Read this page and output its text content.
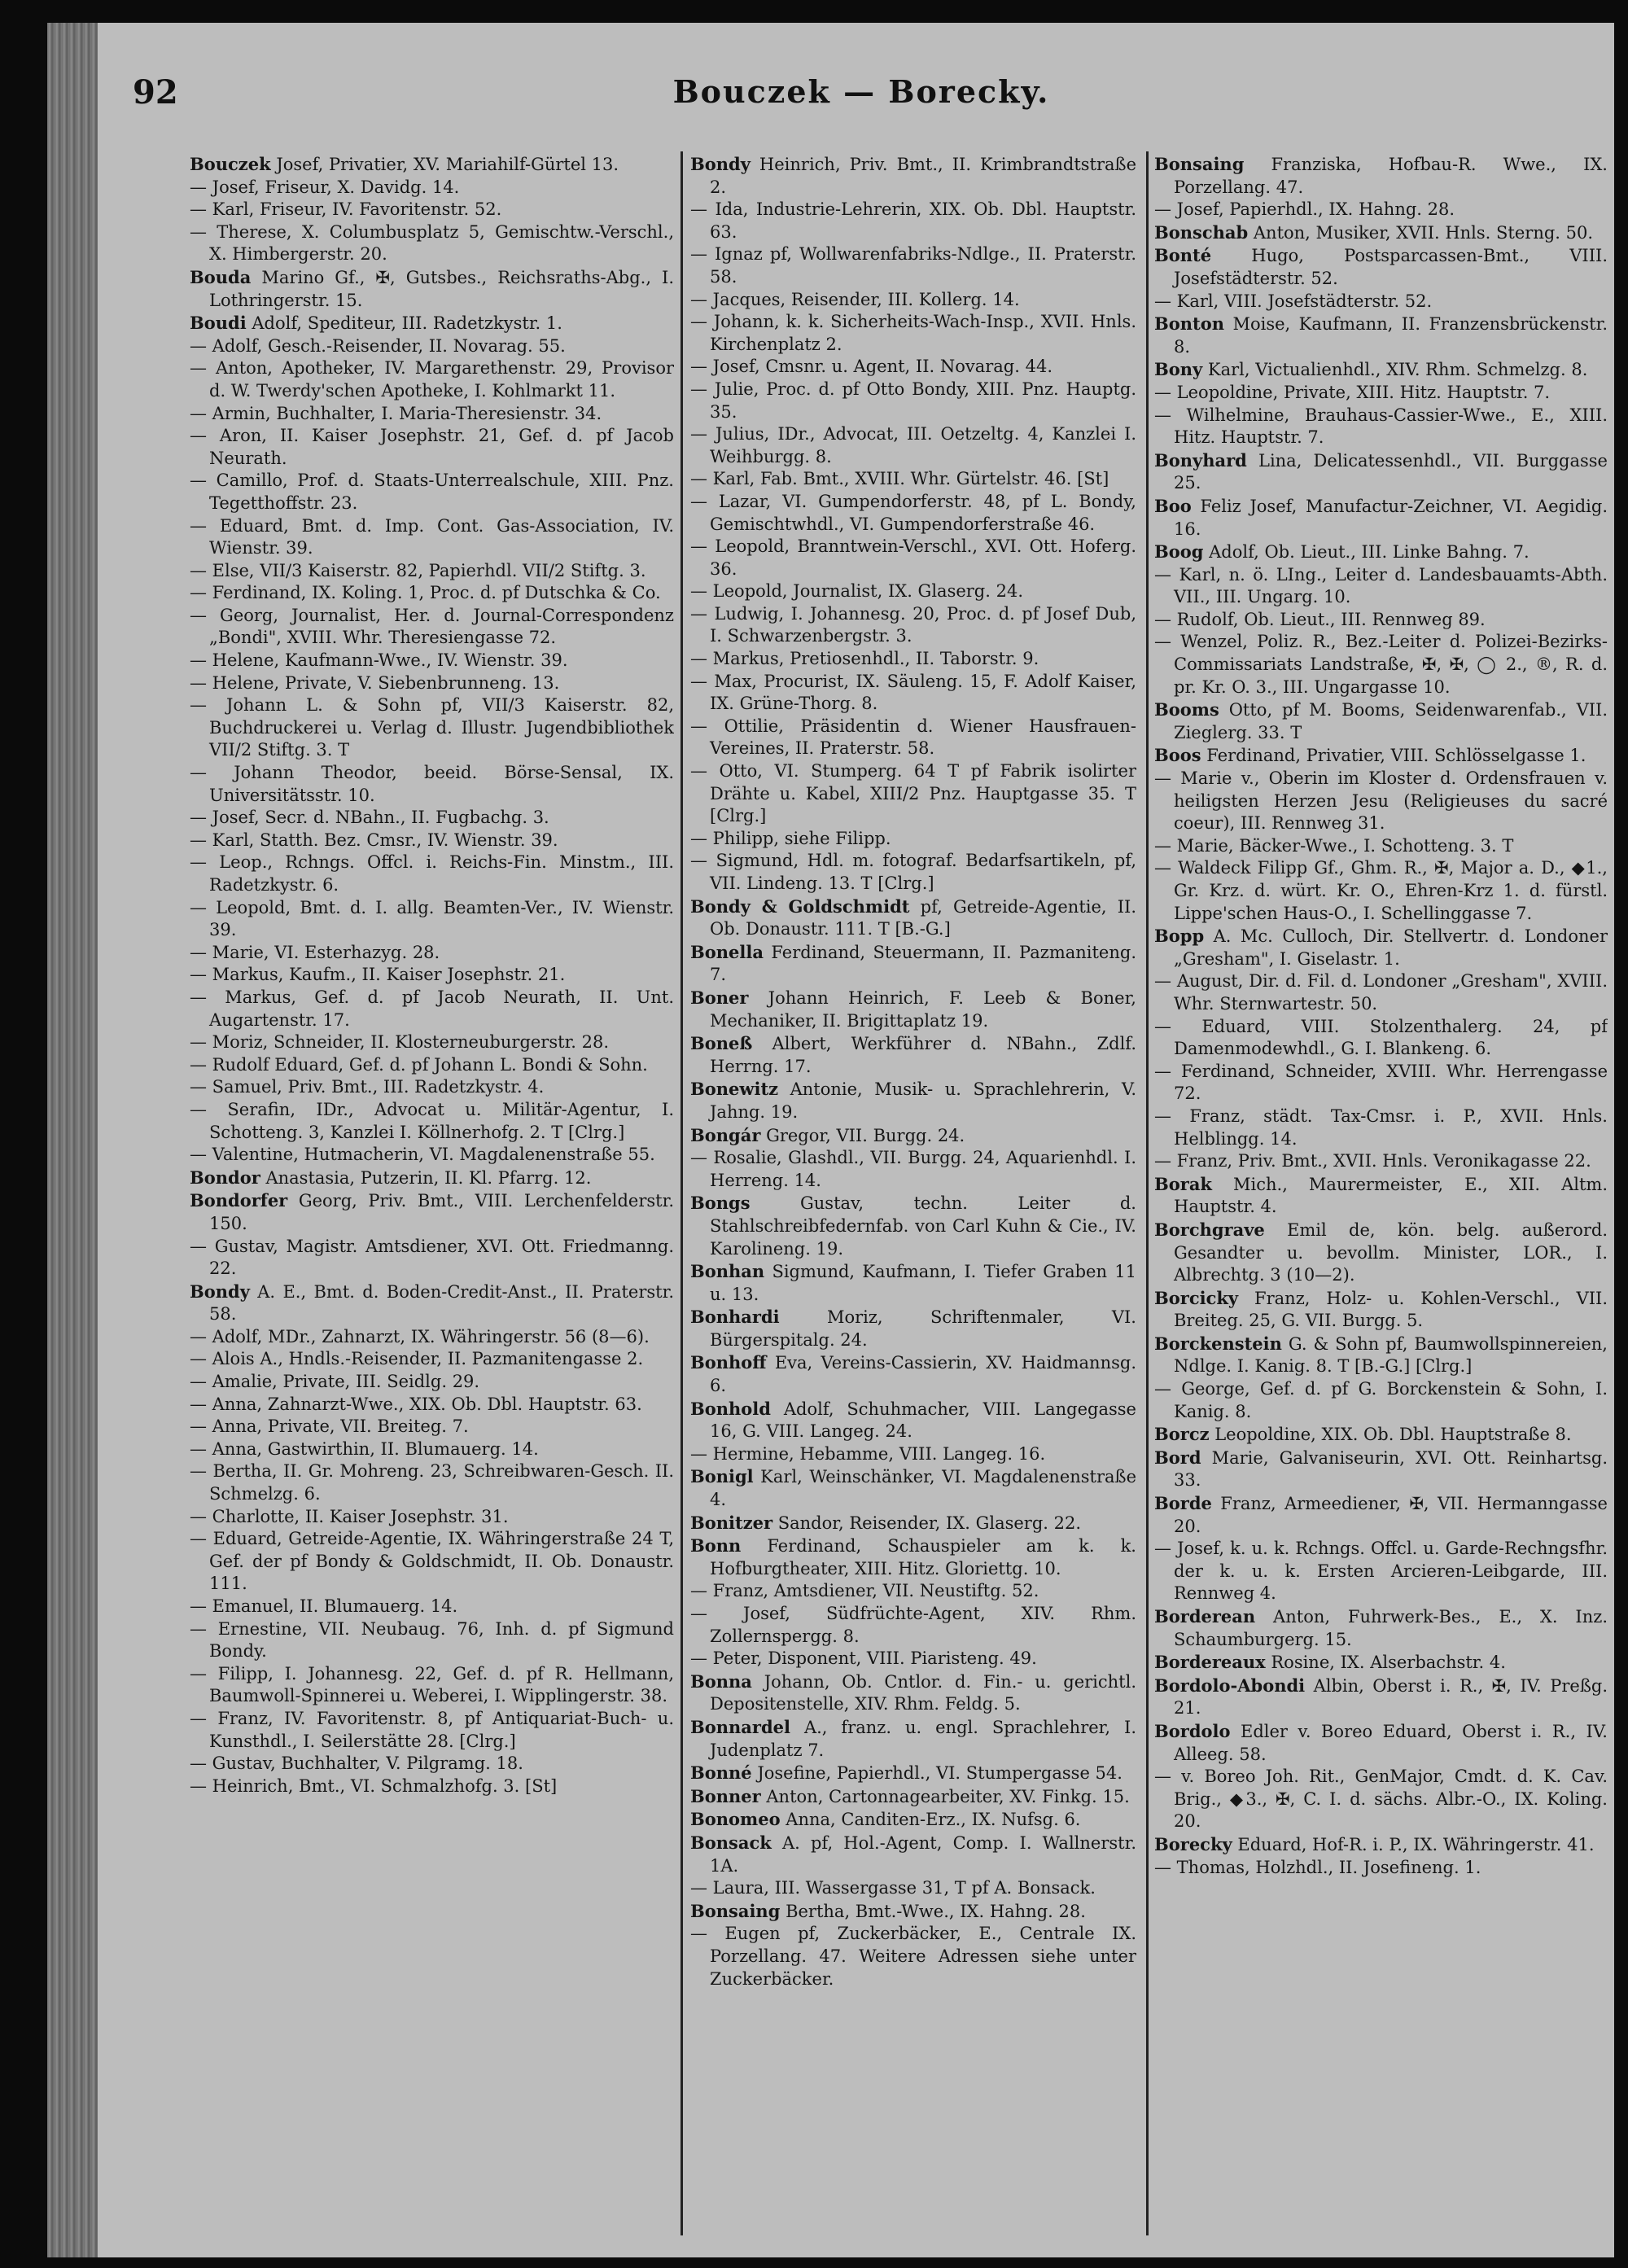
92	Bouczek — Borecky.

Bouczek Josef, Privatier, XV. Mariahilf-Gürtel 13.

— Josef, Friseur, X. Davidg. 14.

— Karl, Friseur, IV. Favoritenstr. 52.

— Therese, X. Columbusplatz 5, Gemischtw.-Verschl., X. Himbergerstr. 20.

Bouda Marino Gf., ✠, Gutsbes., Reichsraths-Abg., I. Lothringerstr. 15.

Boudi Adolf, Spediteur, III. Radetzkystr. 1.

— Adolf, Gesch.-Reisender, II. Novarag. 55.

— Anton, Apotheker, IV. Margarethenstr. 29, Provisor d. W. Twerdy'schen Apotheke, I. Kohlmarkt 11.

— Armin, Buchhalter, I. Maria-Theresienstr. 34.

— Aron, II. Kaiser Josephstr. 21, Gef. d. pf Jacob Neurath.

— Camillo, Prof. d. Staats-Unterrealschule, XIII. Pnz. Tegetthoffstr. 23.

— Eduard, Bmt. d. Imp. Cont. Gas-Association, IV. Wienstr. 39.

— Else, VII/3 Kaiserstr. 82, Papierhdl. VII/2 Stiftg. 3.

— Ferdinand, IX. Koling. 1, Proc. d. pf Dutschka & Co.

— Georg, Journalist, Her. d. Journal-Correspondenz „Bondi", XVIII. Whr. Theresiengasse 72.

— Helene, Kaufmann-Wwe., IV. Wienstr. 39.

— Helene, Private, V. Siebenbrunneng. 13.

— Johann L. & Sohn pf, VII/3 Kaiserstr. 82, Buchdruckerei u. Verlag d. Illustr. Jugendbibliothek VII/2 Stiftg. 3. T

— Johann Theodor, beeid. Börse-Sensal, IX. Universitätsstr. 10.

— Josef, Secr. d. NBahn., II. Fugbachg. 3.

— Karl, Statth. Bez. Cmsr., IV. Wienstr. 39.

— Leop., Rchngs. Offcl. i. Reichs-Fin. Minstm., III. Radetzkystr. 6.

— Leopold, Bmt. d. I. allg. Beamten-Ver., IV. Wienstr. 39.

— Marie, VI. Esterhazyg. 28.

— Markus, Kaufm., II. Kaiser Josephstr. 21.

— Markus, Gef. d. pf Jacob Neurath, II. Unt. Augartenstr. 17.

— Moriz, Schneider, II. Klosterneuburgerstr. 28.

— Rudolf Eduard, Gef. d. pf Johann L. Bondi & Sohn.

— Samuel, Priv. Bmt., III. Radetzkystr. 4.

— Serafin, IDr., Advocat u. Militär-Agentur, I. Schotteng. 3, Kanzlei I. Köllnerhofg. 2. T [Clrg.]

— Valentine, Hutmacherin, VI. Magdalenenstraße 55.

Bondor Anastasia, Putzerin, II. Kl. Pfarrg. 12.

Bondorfer Georg, Priv. Bmt., VIII. Lerchenfelderstr. 150.

— Gustav, Magistr. Amtsdiener, XVI. Ott. Friedmanng. 22.

Bondy A. E., Bmt. d. Boden-Credit-Anst., II. Praterstr. 58.

— Adolf, MDr., Zahnarzt, IX. Währingerstr. 56 (8—6).

— Alois A., Hndls.-Reisender, II. Pazmanitengasse 2.

— Amalie, Private, III. Seidlg. 29.

— Anna, Zahnarzt-Wwe., XIX. Ob. Dbl. Hauptstr. 63.

— Anna, Private, VII. Breiteg. 7.

— Anna, Gastwirthin, II. Blumauerg. 14.

— Bertha, II. Gr. Mohreng. 23, Schreibwaren-Gesch. II. Schmelzg. 6.

— Charlotte, II. Kaiser Josephstr. 31.

— Eduard, Getreide-Agentie, IX. Währingerstraße 24 T, Gef. der pf Bondy & Goldschmidt, II. Ob. Donaustr. 111.

— Emanuel, II. Blumauerg. 14.

— Ernestine, VII. Neubaug. 76, Inh. d. pf Sigmund Bondy.

— Filipp, I. Johannesg. 22, Gef. d. pf R. Hellmann, Baumwoll-Spinnerei u. Weberei, I. Wipplingerstr. 38.

— Franz, IV. Favoritenstr. 8, pf Antiquariat-Buch- u. Kunsthdl., I. Seilerstätte 28. [Clrg.]

— Gustav, Buchhalter, V. Pilgramg. 18.

— Heinrich, Bmt., VI. Schmalzhofg. 3. [St]

Bondy Heinrich, Priv. Bmt., II. Krimbrandtstraße 2.

— Ida, Industrie-Lehrerin, XIX. Ob. Dbl. Hauptstr. 63.

— Ignaz pf, Wollwarenfabriks-Ndlge., II. Praterstr. 58.

— Jacques, Reisender, III. Kollerg. 14.

— Johann, k. k. Sicherheits-Wach-Insp., XVII. Hnls. Kirchenplatz 2.

— Josef, Cmsnr. u. Agent, II. Novarag. 44.

— Julie, Proc. d. pf Otto Bondy, XIII. Pnz. Hauptg. 35.

— Julius, IDr., Advocat, III. Oetzeltg. 4, Kanzlei I. Weihburgg. 8.

— Karl, Fab. Bmt., XVIII. Whr. Gürtelstr. 46. [St]

— Lazar, VI. Gumpendorferstr. 48, pf L. Bondy, Gemischtwhdl., VI. Gumpendorferstraße 46.

— Leopold, Branntwein-Verschl., XVI. Ott. Hoferg. 36.

— Leopold, Journalist, IX. Glaserg. 24.

— Ludwig, I. Johannesg. 20, Proc. d. pf Josef Dub, I. Schwarzenbergstr. 3.

— Markus, Pretiosenhdl., II. Taborstr. 9.

— Max, Procurist, IX. Säuleng. 15, F. Adolf Kaiser, IX. Grüne-Thorg. 8.

— Ottilie, Präsidentin d. Wiener Hausfrauen-Vereines, II. Praterstr. 58.

— Otto, VI. Stumperg. 64 T pf Fabrik isolirter Drähte u. Kabel, XIII/2 Pnz. Hauptgasse 35. T [Clrg.]

— Philipp, siehe Filipp.

— Sigmund, Hdl. m. fotograf. Bedarfsartikeln, pf, VII. Lindeng. 13. T [Clrg.]

Bondy & Goldschmidt pf, Getreide-Agentie, II. Ob. Donaustr. 111. T [B.-G.]

Bonella Ferdinand, Steuermann, II. Pazmaniteng. 7.

Boner Johann Heinrich, F. Leeb & Boner, Mechaniker, II. Brigittaplatz 19.

Boneß Albert, Werkführer d. NBahn., Zdlf. Herrng. 17.

Bonewitz Antonie, Musik- u. Sprachlehrerin, V. Jahng. 19.

Bongár Gregor, VII. Burgg. 24.

— Rosalie, Glashdl., VII. Burgg. 24, Aquarienhdl. I. Herreng. 14.

Bongs Gustav, techn. Leiter d. Stahlschreibfedernfab. von Carl Kuhn & Cie., IV. Karolineng. 19.

Bonhan Sigmund, Kaufmann, I. Tiefer Graben 11 u. 13.

Bonhardi Moriz, Schriftenmaler, VI. Bürgerspitalg. 24.

Bonhoff Eva, Vereins-Cassierin, XV. Haidmannsg. 6.

Bonhold Adolf, Schuhmacher, VIII. Langegasse 16, G. VIII. Langeg. 24.

— Hermine, Hebamme, VIII. Langeg. 16.

Bonigl Karl, Weinschänker, VI. Magdalenenstraße 4.

Bonitzer Sandor, Reisender, IX. Glaserg. 22.

Bonn Ferdinand, Schauspieler am k. k. Hofburgtheater, XIII. Hitz. Gloriettg. 10.

— Franz, Amtsdiener, VII. Neustiftg. 52.

— Josef, Südfrüchte-Agent, XIV. Rhm. Zollernspergg. 8.

— Peter, Disponent, VIII. Piaristeng. 49.

Bonna Johann, Ob. Cntlor. d. Fin.- u. gerichtl. Depositenstelle, XIV. Rhm. Feldg. 5.

Bonnardel A., franz. u. engl. Sprachlehrer, I. Judenplatz 7.

Bonné Josefine, Papierhdl., VI. Stumpergasse 54.

Bonner Anton, Cartonnagearbeiter, XV. Finkg. 15.

Bonomeo Anna, Canditen-Erz., IX. Nufsg. 6.

Bonsack A. pf, Hol.-Agent, Comp. I. Wallnerstr. 1A.

— Laura, III. Wassergasse 31, T pf A. Bonsack.

Bonsaing Bertha, Bmt.-Wwe., IX. Hahng. 28.

— Eugen pf, Zuckerbäcker, E., Centrale IX. Porzellang. 47. Weitere Adressen siehe unter Zuckerbäcker.

Bonsaing Franziska, Hofbau-R. Wwe., IX. Porzellang. 47.

— Josef, Papierhdl., IX. Hahng. 28.

Bonschab Anton, Musiker, XVII. Hnls. Sterng. 50.

Bonté Hugo, Postsparcassen-Bmt., VIII. Josefstädterstr. 52.

— Karl, VIII. Josefstädterstr. 52.

Bonton Moise, Kaufmann, II. Franzensbrückenstr. 8.

Bony Karl, Victualienhdl., XIV. Rhm. Schmelzg. 8.

— Leopoldine, Private, XIII. Hitz. Hauptstr. 7.

— Wilhelmine, Brauhaus-Cassier-Wwe., E., XIII. Hitz. Hauptstr. 7.

Bonyhard Lina, Delicatessenhdl., VII. Burggasse 25.

Boo Feliz Josef, Manufactur-Zeichner, VI. Aegidig. 16.

Boog Adolf, Ob. Lieut., III. Linke Bahng. 7.

— Karl, n. ö. LIng., Leiter d. Landesbauamts-Abth. VII., III. Ungarg. 10.

— Rudolf, Ob. Lieut., III. Rennweg 89.

— Wenzel, Poliz. R., Bez.-Leiter d. Polizei-Bezirks-Commissariats Landstraße, ✠, ✠, ◯ 2., ®, R. d. pr. Kr. O. 3., III. Ungargasse 10.

Booms Otto, pf M. Booms, Seidenwarenfab., VII. Zieglerg. 33. T

Boos Ferdinand, Privatier, VIII. Schlösselgasse 1.

— Marie v., Oberin im Kloster d. Ordensfrauen v. heiligsten Herzen Jesu (Religieuses du sacré coeur), III. Rennweg 31.

— Marie, Bäcker-Wwe., I. Schotteng. 3. T

— Waldeck Filipp Gf., Ghm. R., ✠, Major a. D., ◆1., Gr. Krz. d. würt. Kr. O., Ehren-Krz 1. d. fürstl. Lippe'schen Haus-O., I. Schellinggasse 7.

Bopp A. Mc. Culloch, Dir. Stellvertr. d. Londoner „Gresham", I. Giselastr. 1.

— August, Dir. d. Fil. d. Londoner „Gresham", XVIII. Whr. Sternwartestr. 50.

— Eduard, VIII. Stolzenthalerg. 24, pf Damenmodewhdl., G. I. Blankeng. 6.

— Ferdinand, Schneider, XVIII. Whr. Herrengasse 72.

— Franz, städt. Tax-Cmsr. i. P., XVII. Hnls. Helblingg. 14.

— Franz, Priv. Bmt., XVII. Hnls. Veronikagasse 22.

Borak Mich., Maurermeister, E., XII. Altm. Hauptstr. 4.

Borchgrave Emil de, kön. belg. außerord. Gesandter u. bevollm. Minister, LOR., I. Albrechtg. 3 (10—2).

Borcicky Franz, Holz- u. Kohlen-Verschl., VII. Breiteg. 25, G. VII. Burgg. 5.

Borckenstein G. & Sohn pf, Baumwollspinnereien, Ndlge. I. Kanig. 8. T [B.-G.] [Clrg.]

— George, Gef. d. pf G. Borckenstein & Sohn, I. Kanig. 8.

Borcz Leopoldine, XIX. Ob. Dbl. Hauptstraße 8.

Bord Marie, Galvaniseurin, XVI. Ott. Reinhartsg. 33.

Borde Franz, Armeediener, ✠, VII. Hermanngasse 20.

— Josef, k. u. k. Rchngs. Offcl. u. Garde-Rechngsfhr. der k. u. k. Ersten Arcieren-Leibgarde, III. Rennweg 4.

Borderean Anton, Fuhrwerk-Bes., E., X. Inz. Schaumburgerg. 15.

Bordereaux Rosine, IX. Alserbachstr. 4.

Bordolo-Abondi Albin, Oberst i. R., ✠, IV. Preßg. 21.

Bordolo Edler v. Boreo Eduard, Oberst i. R., IV. Alleeg. 58.

— v. Boreo Joh. Rit., GenMajor, Cmdt. d. K. Cav. Brig., ◆3., ✠, C. I. d. sächs. Albr.-O., IX. Koling. 20.

Borecky Eduard, Hof-R. i. P., IX. Währingerstr. 41.

— Thomas, Holzhdl., II. Josefineng. 1.
